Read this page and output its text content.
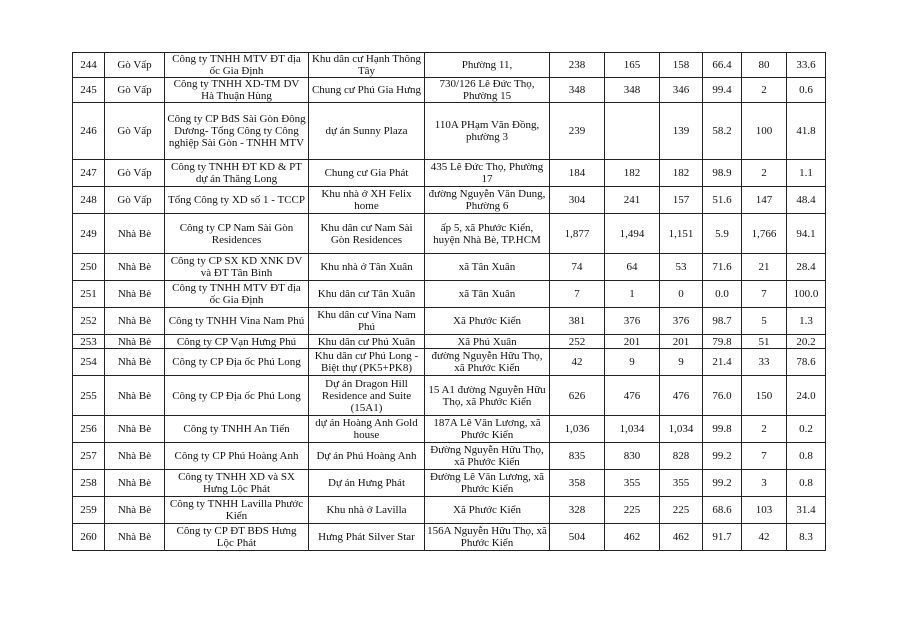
244	Gò Vấp	Công ty TNHH MTV ĐT địa ốc Gia Định	Khu dân cư Hạnh Thông Tây	Phường 11,	238	165	158	66.4	80	33.6
245	Gò Vấp	Công ty TNHH XD-TM DV Hà Thuận Hùng	Chung cư Phú Gia Hưng	730/126 Lê Đức Thọ, Phường 15	348	348	346	99.4	2	0.6
246	Gò Vấp	Công ty CP BđS Sài Gòn Đông Dương- Tổng Công ty Công nghiệp Sài Gòn - TNHH MTV	dự án Sunny Plaza	110A PHạm Văn Đồng, phường 3	239		139	58.2	100	41.8
247	Gò Vấp	Công ty TNHH ĐT KD & PT dự án Thăng Long	Chung cư Gia Phát	435 Lê Đức Thọ, Phường 17	184	182	182	98.9	2	1.1
248	Gò Vấp	Tổng Công ty XD số 1 - TCCP	Khu nhà ở XH Felix home	đường Nguyễn Văn Dung, Phường 6	304	241	157	51.6	147	48.4
249	Nhà Bè	Công ty CP Nam Sài Gòn Residences	Khu dân cư Nam Sài Gòn Residences	ấp 5, xã Phước Kiển, huyện Nhà Bè, TP.HCM	1,877	1,494	1,151	5.9	1,766	94.1
250	Nhà Bè	Công ty CP SX KD XNK DV và ĐT Tân Bình	Khu nhà ở Tân Xuân	xã Tân Xuân	74	64	53	71.6	21	28.4
251	Nhà Bè	Công ty TNHH MTV ĐT địa ốc Gia Định	Khu dân cư Tân Xuân	xã Tân Xuân	7	1	0	0.0	7	100.0
252	Nhà Bè	Công ty TNHH Vina Nam Phú	Khu dân cư Vina Nam Phú	Xã Phước Kiển	381	376	376	98.7	5	1.3
253	Nhà Bè	Công ty CP Vạn Hưng Phú	Khu dân cư Phú Xuân	Xã Phú Xuân	252	201	201	79.8	51	20.2
254	Nhà Bè	Công ty CP Địa ốc Phú Long	Khu dân cư Phú Long - Biệt thự (PK5+PK8)	đường Nguyễn Hữu Thọ, xã Phước Kiển	42	9	9	21.4	33	78.6
255	Nhà Bè	Công ty CP Địa ốc Phú Long	Dự án Dragon Hill Residence and Suite (15A1)	15 A1 đường Nguyễn Hữu Thọ, xã Phước Kiển	626	476	476	76.0	150	24.0
256	Nhà Bè	Công ty TNHH An Tiến	dự án Hoàng Anh Gold house	187A Lê Văn Lương, xã Phước Kiển	1,036	1,034	1,034	99.8	2	0.2
257	Nhà Bè	Công ty CP Phú Hoàng Anh	Dự án Phú Hoàng Anh	Đường Nguyễn Hữu Thọ, xã Phước Kiển	835	830	828	99.2	7	0.8
258	Nhà Bè	Công ty TNHH XD và SX Hưng Lộc Phát	Dự án Hưng Phát	Đường Lê Văn Lương, xã Phước Kiển	358	355	355	99.2	3	0.8
259	Nhà Bè	Công ty TNHH Lavilla Phước Kiển	Khu nhà ở Lavilla	Xã Phước Kiển	328	225	225	68.6	103	31.4
260	Nhà Bè	Công ty CP ĐT BĐS Hưng Lộc Phát	Hưng Phát Silver Star	156A Nguyễn Hữu Thọ, xã Phước Kiển	504	462	462	91.7	42	8.3
